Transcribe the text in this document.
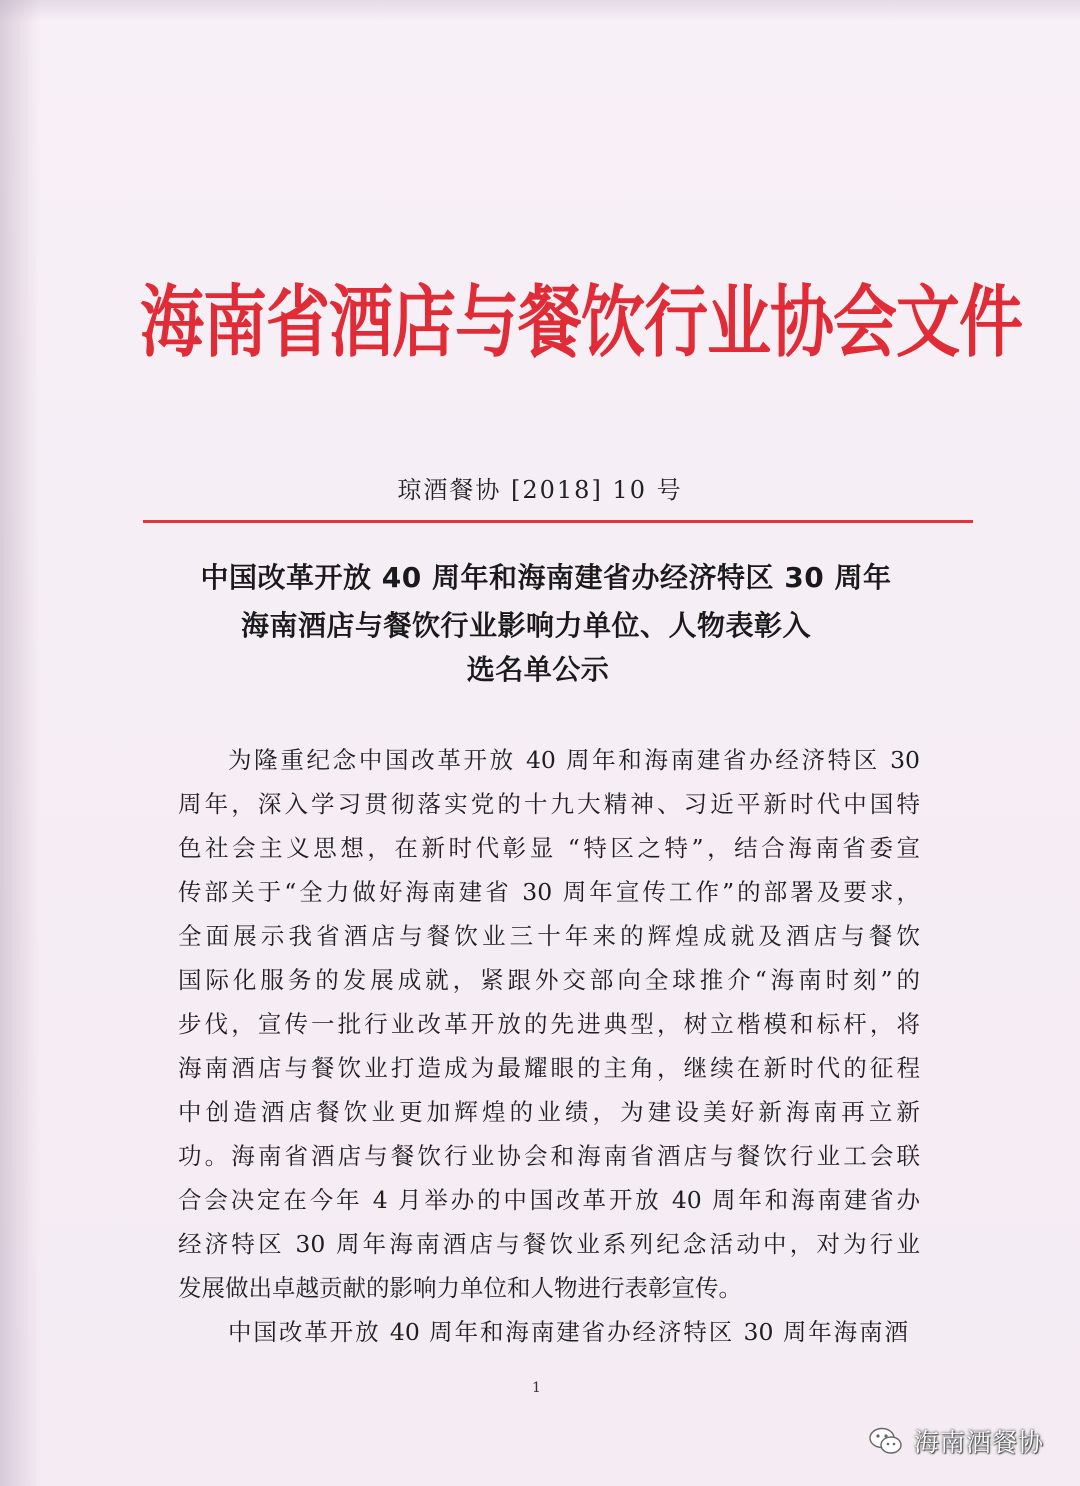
海南省酒店与餐饮行业协会文件
琼酒餐协 [2018] 10 号
中国改革开放 40 周年和海南建省办经济特区 30 周年
海南酒店与餐饮行业影响力单位、人物表彰入
选名单公示
为隆重纪念中国改革开放 40 周年和海南建省办经济特区 30
周年，深入学习贯彻落实党的十九大精神、习近平新时代中国特
色社会主义思想，在新时代彰显 “特区之特”，结合海南省委宣
传部关于“全力做好海南建省 30 周年宣传工作”的部署及要求，
全面展示我省酒店与餐饮业三十年来的辉煌成就及酒店与餐饮
国际化服务的发展成就，紧跟外交部向全球推介“海南时刻”的
步伐，宣传一批行业改革开放的先进典型，树立楷模和标杆，将
海南酒店与餐饮业打造成为最耀眼的主角，继续在新时代的征程
中创造酒店餐饮业更加辉煌的业绩，为建设美好新海南再立新
功。海南省酒店与餐饮行业协会和海南省酒店与餐饮行业工会联
合会决定在今年 4 月举办的中国改革开放 40 周年和海南建省办
经济特区 30 周年海南酒店与餐饮业系列纪念活动中，对为行业
发展做出卓越贡献的影响力单位和人物进行表彰宣传。
中国改革开放 40 周年和海南建省办经济特区 30 周年海南酒
1
海南酒餐协
